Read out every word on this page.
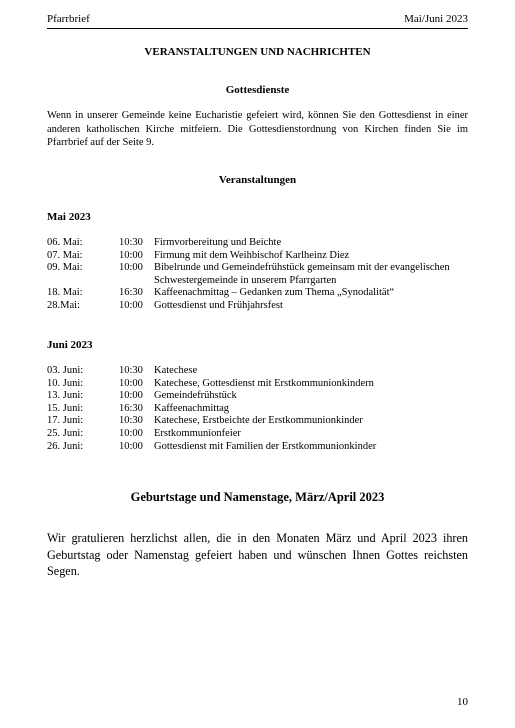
Pfarrbrief	Mai/Juni 2023
VERANSTALTUNGEN UND NACHRICHTEN
Gottesdienste
Wenn in unserer Gemeinde keine Eucharistie gefeiert wird, können Sie den Gottesdienst in einer anderen katholischen Kirche mitfeiern. Die Gottesdienstordnung von Kirchen finden Sie im Pfarrbrief auf der Seite 9.
Veranstaltungen
Mai 2023
06. Mai:	10:30 Firmvorbereitung und Beichte
07. Mai:	10:00 Firmung mit dem Weihbischof Karlheinz Diez
09. Mai:	10:00 Bibelrunde und Gemeindefrühstück gemeinsam mit der evangelischen Schwestergemeinde in unserem Pfarrgarten
18. Mai:	16:30 Kaffeenachmittag – Gedanken zum Thema „Synodalität“
28.Mai:	10:00 Gottesdienst und Frühjahrsfest
Juni 2023
03. Juni:	10:30 Katechese
10. Juni:	10:00 Katechese, Gottesdienst mit Erstkommunionkindern
13. Juni:	10:00 Gemeindefrühstück
15. Juni:	16:30 Kaffeenachmittag
17. Juni:	10:30 Katechese, Erstbeichte der Erstkommunionkinder
25. Juni:	10:00 Erstkommunionfeier
26. Juni:	10:00 Gottesdienst mit Familien der Erstkommunionkinder
Geburtstage und Namenstage, März/April 2023
Wir gratulieren herzlichst allen, die in den Monaten März und April 2023 ihren Geburtstag oder Namenstag gefeiert haben und wünschen Ihnen Gottes reichsten Segen.
10
